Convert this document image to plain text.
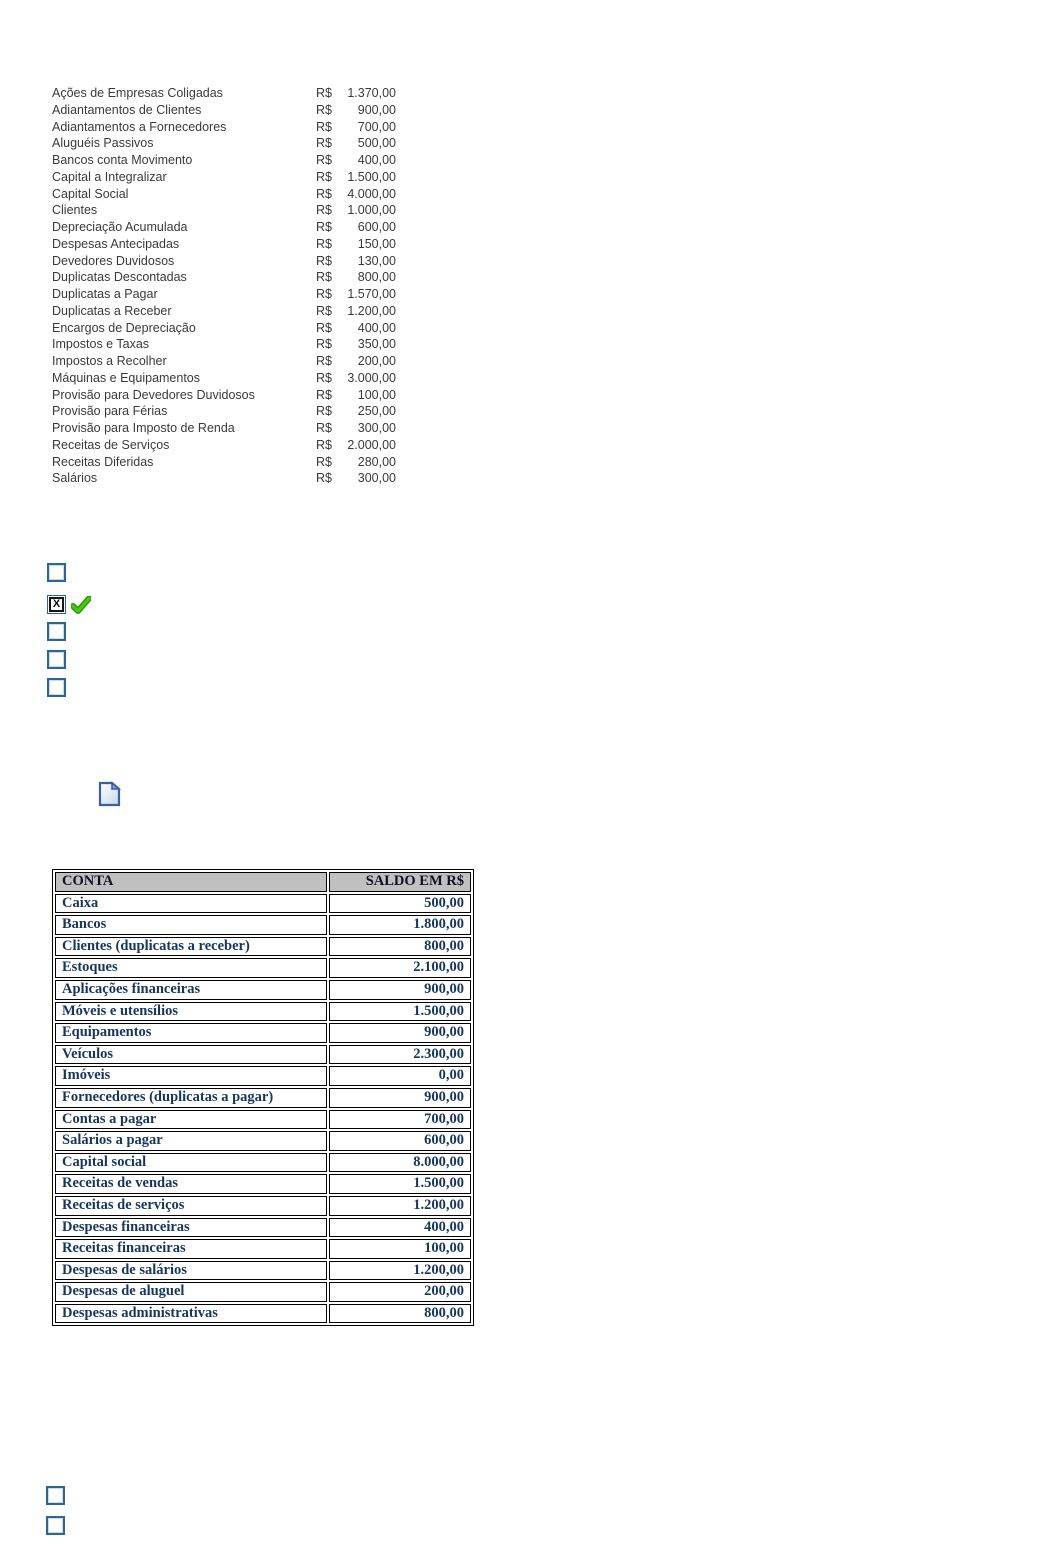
Ações de Empresas Coligadas	R$	1.370,00
Adiantamentos de Clientes	R$	900,00
Adiantamentos a Fornecedores	R$	700,00
Aluguéis Passivos	R$	500,00
Bancos conta Movimento	R$	400,00
Capital a Integralizar	R$	1.500,00
Capital Social	R$	4.000,00
Clientes	R$	1.000,00
Depreciação Acumulada	R$	600,00
Despesas Antecipadas	R$	150,00
Devedores Duvidosos	R$	130,00
Duplicatas Descontadas	R$	800,00
Duplicatas a Pagar	R$	1.570,00
Duplicatas a Receber	R$	1.200,00
Encargos de Depreciação	R$	400,00
Impostos e Taxas	R$	350,00
Impostos a Recolher	R$	200,00
Máquinas e Equipamentos	R$	3.000,00
Provisão para Devedores Duvidosos	R$	100,00
Provisão para Férias	R$	250,00
Provisão para Imposto de Renda	R$	300,00
Receitas de Serviços	R$	2.000,00
Receitas Diferidas	R$	280,00
Salários	R$	300,00
X
CONTA	SALDO EM R$
Caixa	500,00
Bancos	1.800,00
Clientes (duplicatas a receber)	800,00
Estoques	2.100,00
Aplicações financeiras	900,00
Móveis e utensílios	1.500,00
Equipamentos	900,00
Veículos	2.300,00
Imóveis	0,00
Fornecedores (duplicatas a pagar)	900,00
Contas a pagar	700,00
Salários a pagar	600,00
Capital social	8.000,00
Receitas de vendas	1.500,00
Receitas de serviços	1.200,00
Despesas financeiras	400,00
Receitas financeiras	100,00
Despesas de salários	1.200,00
Despesas de aluguel	200,00
Despesas administrativas	800,00
